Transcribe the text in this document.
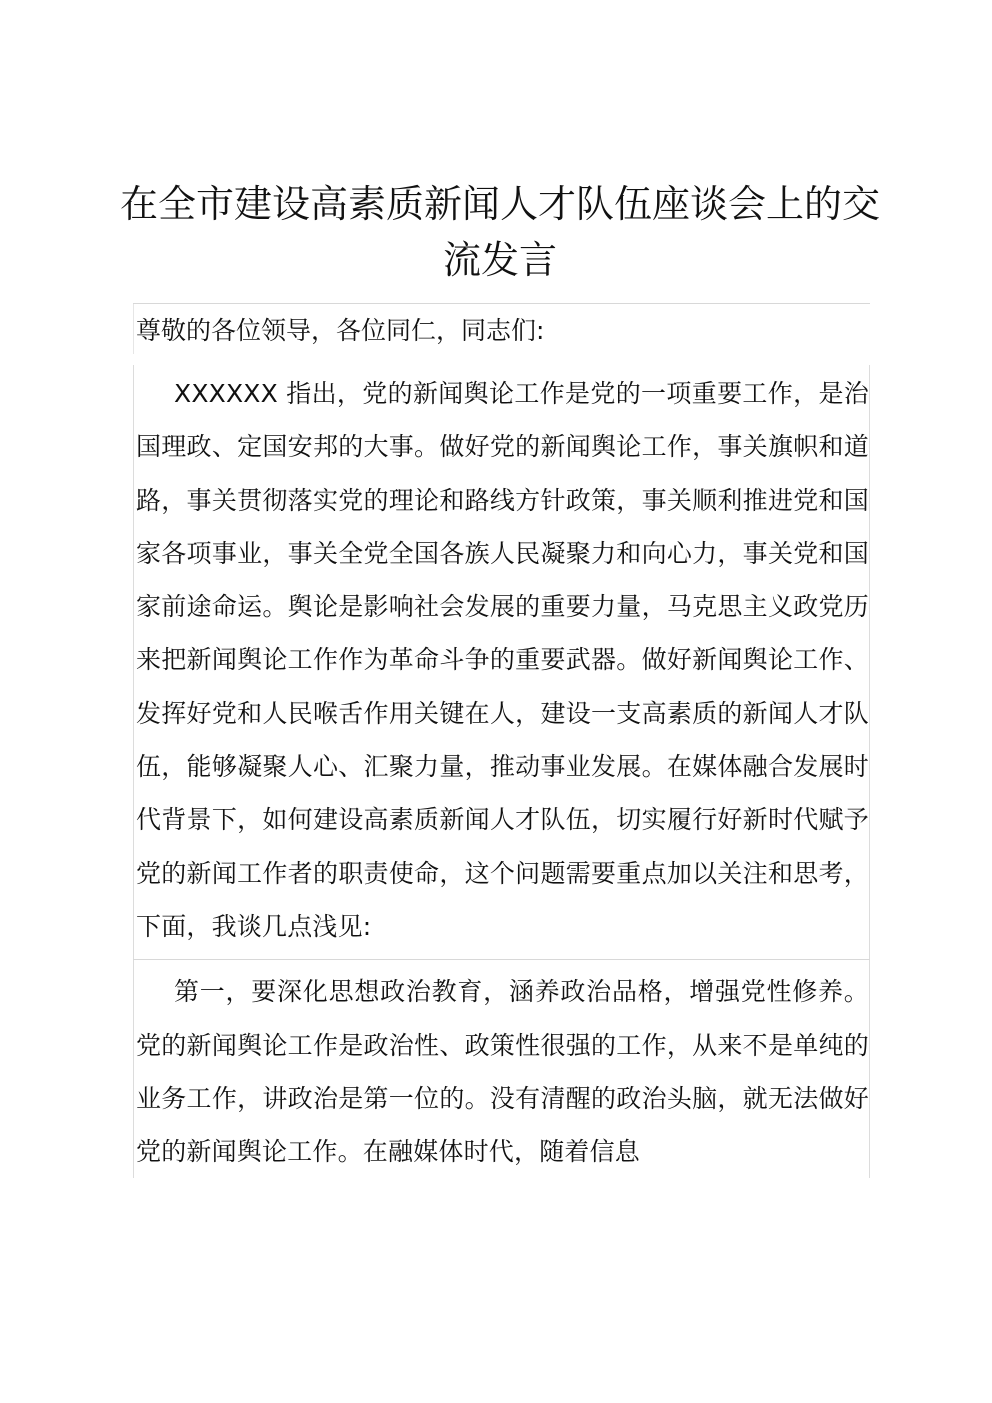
在全市建设高素质新闻人才队伍座谈会上的交
流发言
尊敬的各位领导，各位同仁，同志们:

XXXXXX 指出，党的新闻舆论工作是党的一项重要工作，是治国理政、定国安邦的大事。做好党的新闻舆论工作，事关旗帜和道路，事关贯彻落实党的理论和路线方针政策，事关顺利推进党和国家各项事业，事关全党全国各族人民凝聚力和向心力，事关党和国家前途命运。舆论是影响社会发展的重要力量，马克思主义政党历来把新闻舆论工作作为革命斗争的重要武器。做好新闻舆论工作、发挥好党和人民喉舌作用关键在人，建设一支高素质的新闻人才队伍，能够凝聚人心、汇聚力量，推动事业发展。在媒体融合发展时代背景下，如何建设高素质新闻人才队伍，切实履行好新时代赋予党的新闻工作者的职责使命，这个问题需要重点加以关注和思考，下面，我谈几点浅见:

第一，要深化思想政治教育，涵养政治品格，增强党性修养。党的新闻舆论工作是政治性、政策性很强的工作，从来不是单纯的业务工作，讲政治是第一位的。没有清醒的政治头脑，就无法做好党的新闻舆论工作。在融媒体时代，随着信息
